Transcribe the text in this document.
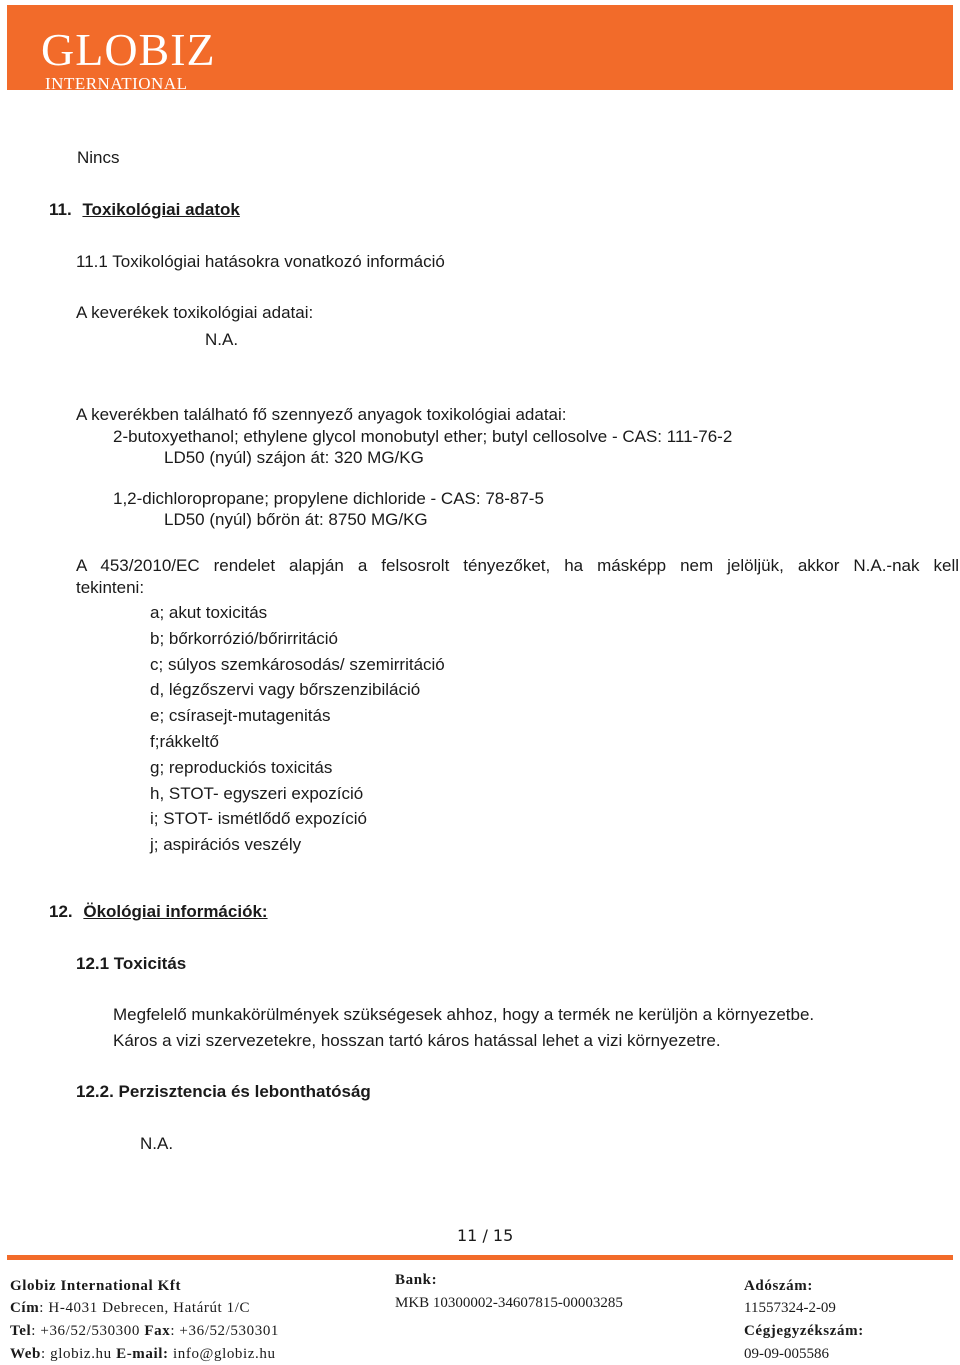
GLOBIZ
INTERNATIONAL
Nincs
11. Toxikológiai adatok
11.1 Toxikológiai hatásokra vonatkozó információ
A keverékek toxikológiai adatai:
N.A.
A keverékben található fő szennyező anyagok toxikológiai adatai:
2-butoxyethanol; ethylene glycol monobutyl ether; butyl cellosolve - CAS: 111-76-2
LD50 (nyúl) szájon át: 320 MG/KG
1,2-dichloropropane; propylene dichloride - CAS: 78-87-5
LD50 (nyúl) bőrön át: 8750 MG/KG
A 453/2010/EC rendelet alapján a felsosrolt tényezőket, ha másképp nem jelöljük, akkor N.A.-nak kell
tekinteni:
a; akut toxicitás
b; bőrkorrózió/bőrirritáció
c; súlyos szemkárosodás/ szemirritáció
d, légzőszervi vagy bőrszenzibiláció
e; csírasejt-mutagenitás
f;rákkeltő
g; reproduckiós toxicitás
h, STOT- egyszeri expozíció
i; STOT- ismétlődő expozíció
j; aspirációs veszély
12. Ökológiai információk:
12.1 Toxicitás
Megfelelő munkakörülmények szükségesek ahhoz, hogy a termék ne kerüljön a környezetbe.
Káros a vizi szervezetekre, hosszan tartó káros hatással lehet a vizi környezetre.
12.2. Perzisztencia és lebonthatóság
N.A.
11 / 15
Globiz International Kft
Cím: H-4031 Debrecen, Határút 1/C
Tel: +36/52/530300 Fax: +36/52/530301
Web: globiz.hu E-mail: info@globiz.hu
Bank:
MKB 10300002-34607815-00003285
Adószám:
11557324-2-09
Cégjegyzékszám:
09-09-005586
